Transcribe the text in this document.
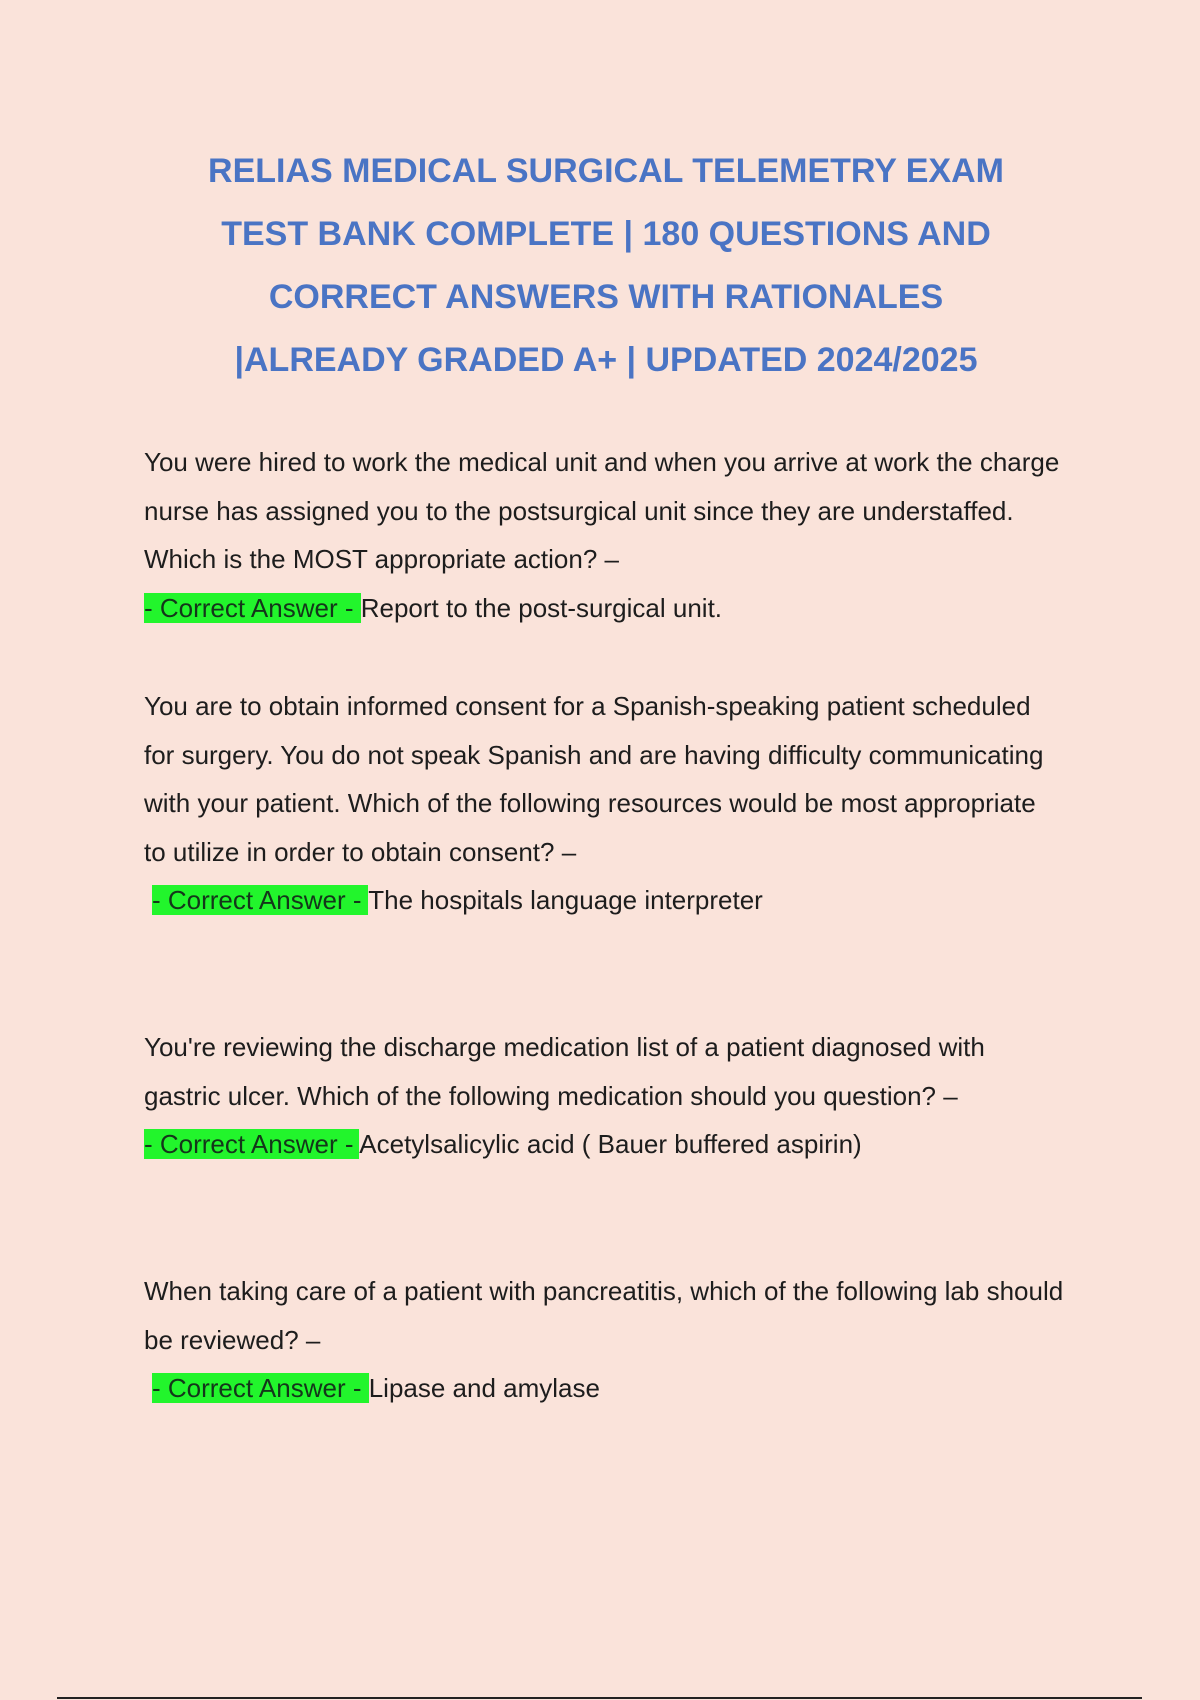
RELIAS MEDICAL SURGICAL TELEMETRY EXAM
TEST BANK COMPLETE | 180 QUESTIONS AND
CORRECT ANSWERS WITH RATIONALES
|ALREADY GRADED A+ | UPDATED 2024/2025

You were hired to work the medical unit and when you arrive at work the charge nurse has assigned you to the postsurgical unit since they are understaffed. Which is the MOST appropriate action? –

- Correct Answer - Report to the post-surgical unit.

You are to obtain informed consent for a Spanish-speaking patient scheduled for surgery. You do not speak Spanish and are having difficulty communicating with your patient. Which of the following resources would be most appropriate to utilize in order to obtain consent? –

- Correct Answer - The hospitals language interpreter

You're reviewing the discharge medication list of a patient diagnosed with gastric ulcer. Which of the following medication should you question? –

- Correct Answer - Acetylsalicylic acid ( Bauer buffered aspirin)

When taking care of a patient with pancreatitis, which of the following lab should be reviewed? –

- Correct Answer - Lipase and amylase
